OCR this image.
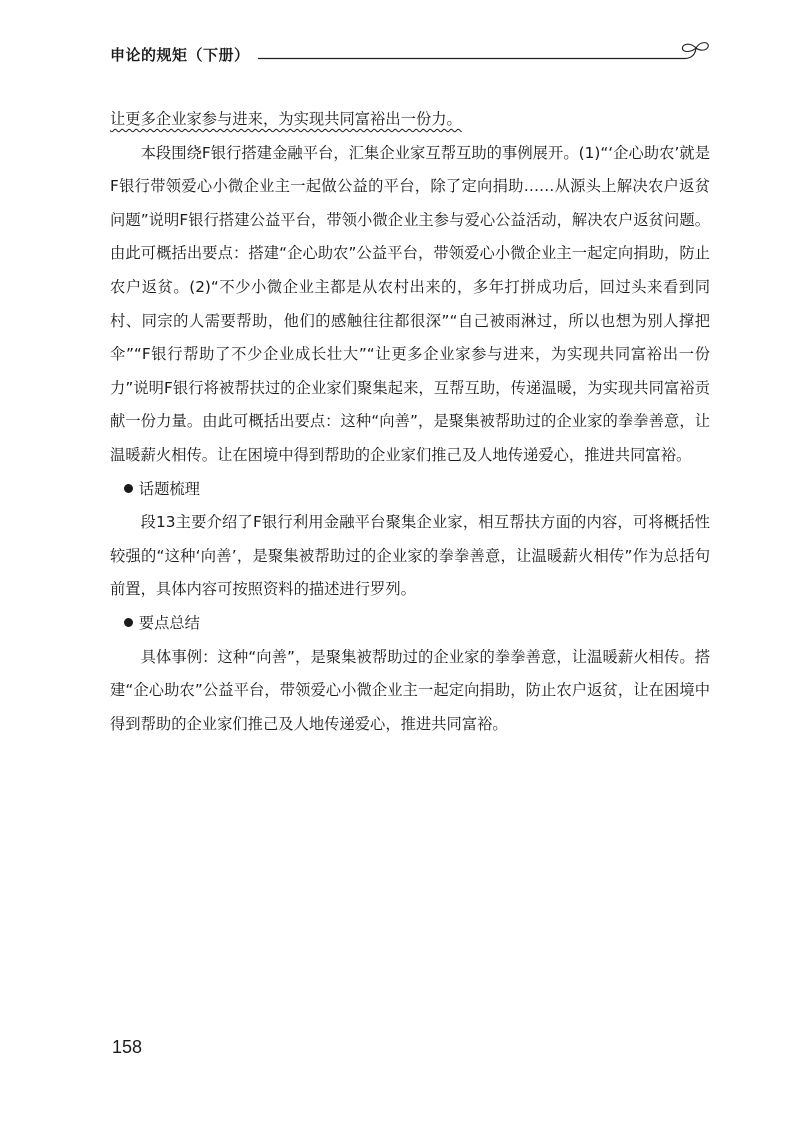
申论的规矩（下册）

让更多企业家参与进来，为实现共同富裕出一份力。

本段围绕F银行搭建金融平台，汇集企业家互帮互助的事例展开。(1)“‘企心助农’就是F银行带领爱心小微企业主一起做公益的平台，除了定向捐助……从源头上解决农户返贫问题”说明F银行搭建公益平台，带领小微企业主参与爱心公益活动，解决农户返贫问题。由此可概括出要点：搭建“企心助农”公益平台，带领爱心小微企业主一起定向捐助，防止农户返贫。(2)“不少小微企业主都是从农村出来的，多年打拼成功后，回过头来看到同村、同宗的人需要帮助，他们的感触往往都很深”“自己被雨淋过，所以也想为别人撑把伞”“F银行帮助了不少企业成长壮大”“让更多企业家参与进来，为实现共同富裕出一份力”说明F银行将被帮扶过的企业家们聚集起来，互帮互助，传递温暖，为实现共同富裕贡献一份力量。由此可概括出要点：这种“向善”，是聚集被帮助过的企业家的拳拳善意，让温暖薪火相传。让在困境中得到帮助的企业家们推己及人地传递爱心，推进共同富裕。

话题梳理

段13主要介绍了F银行利用金融平台聚集企业家，相互帮扶方面的内容，可将概括性较强的“这种‘向善’，是聚集被帮助过的企业家的拳拳善意，让温暖薪火相传”作为总括句前置，具体内容可按照资料的描述进行罗列。

要点总结

具体事例：这种“向善”，是聚集被帮助过的企业家的拳拳善意，让温暖薪火相传。搭建“企心助农”公益平台，带领爱心小微企业主一起定向捐助，防止农户返贫，让在困境中得到帮助的企业家们推己及人地传递爱心，推进共同富裕。

158
